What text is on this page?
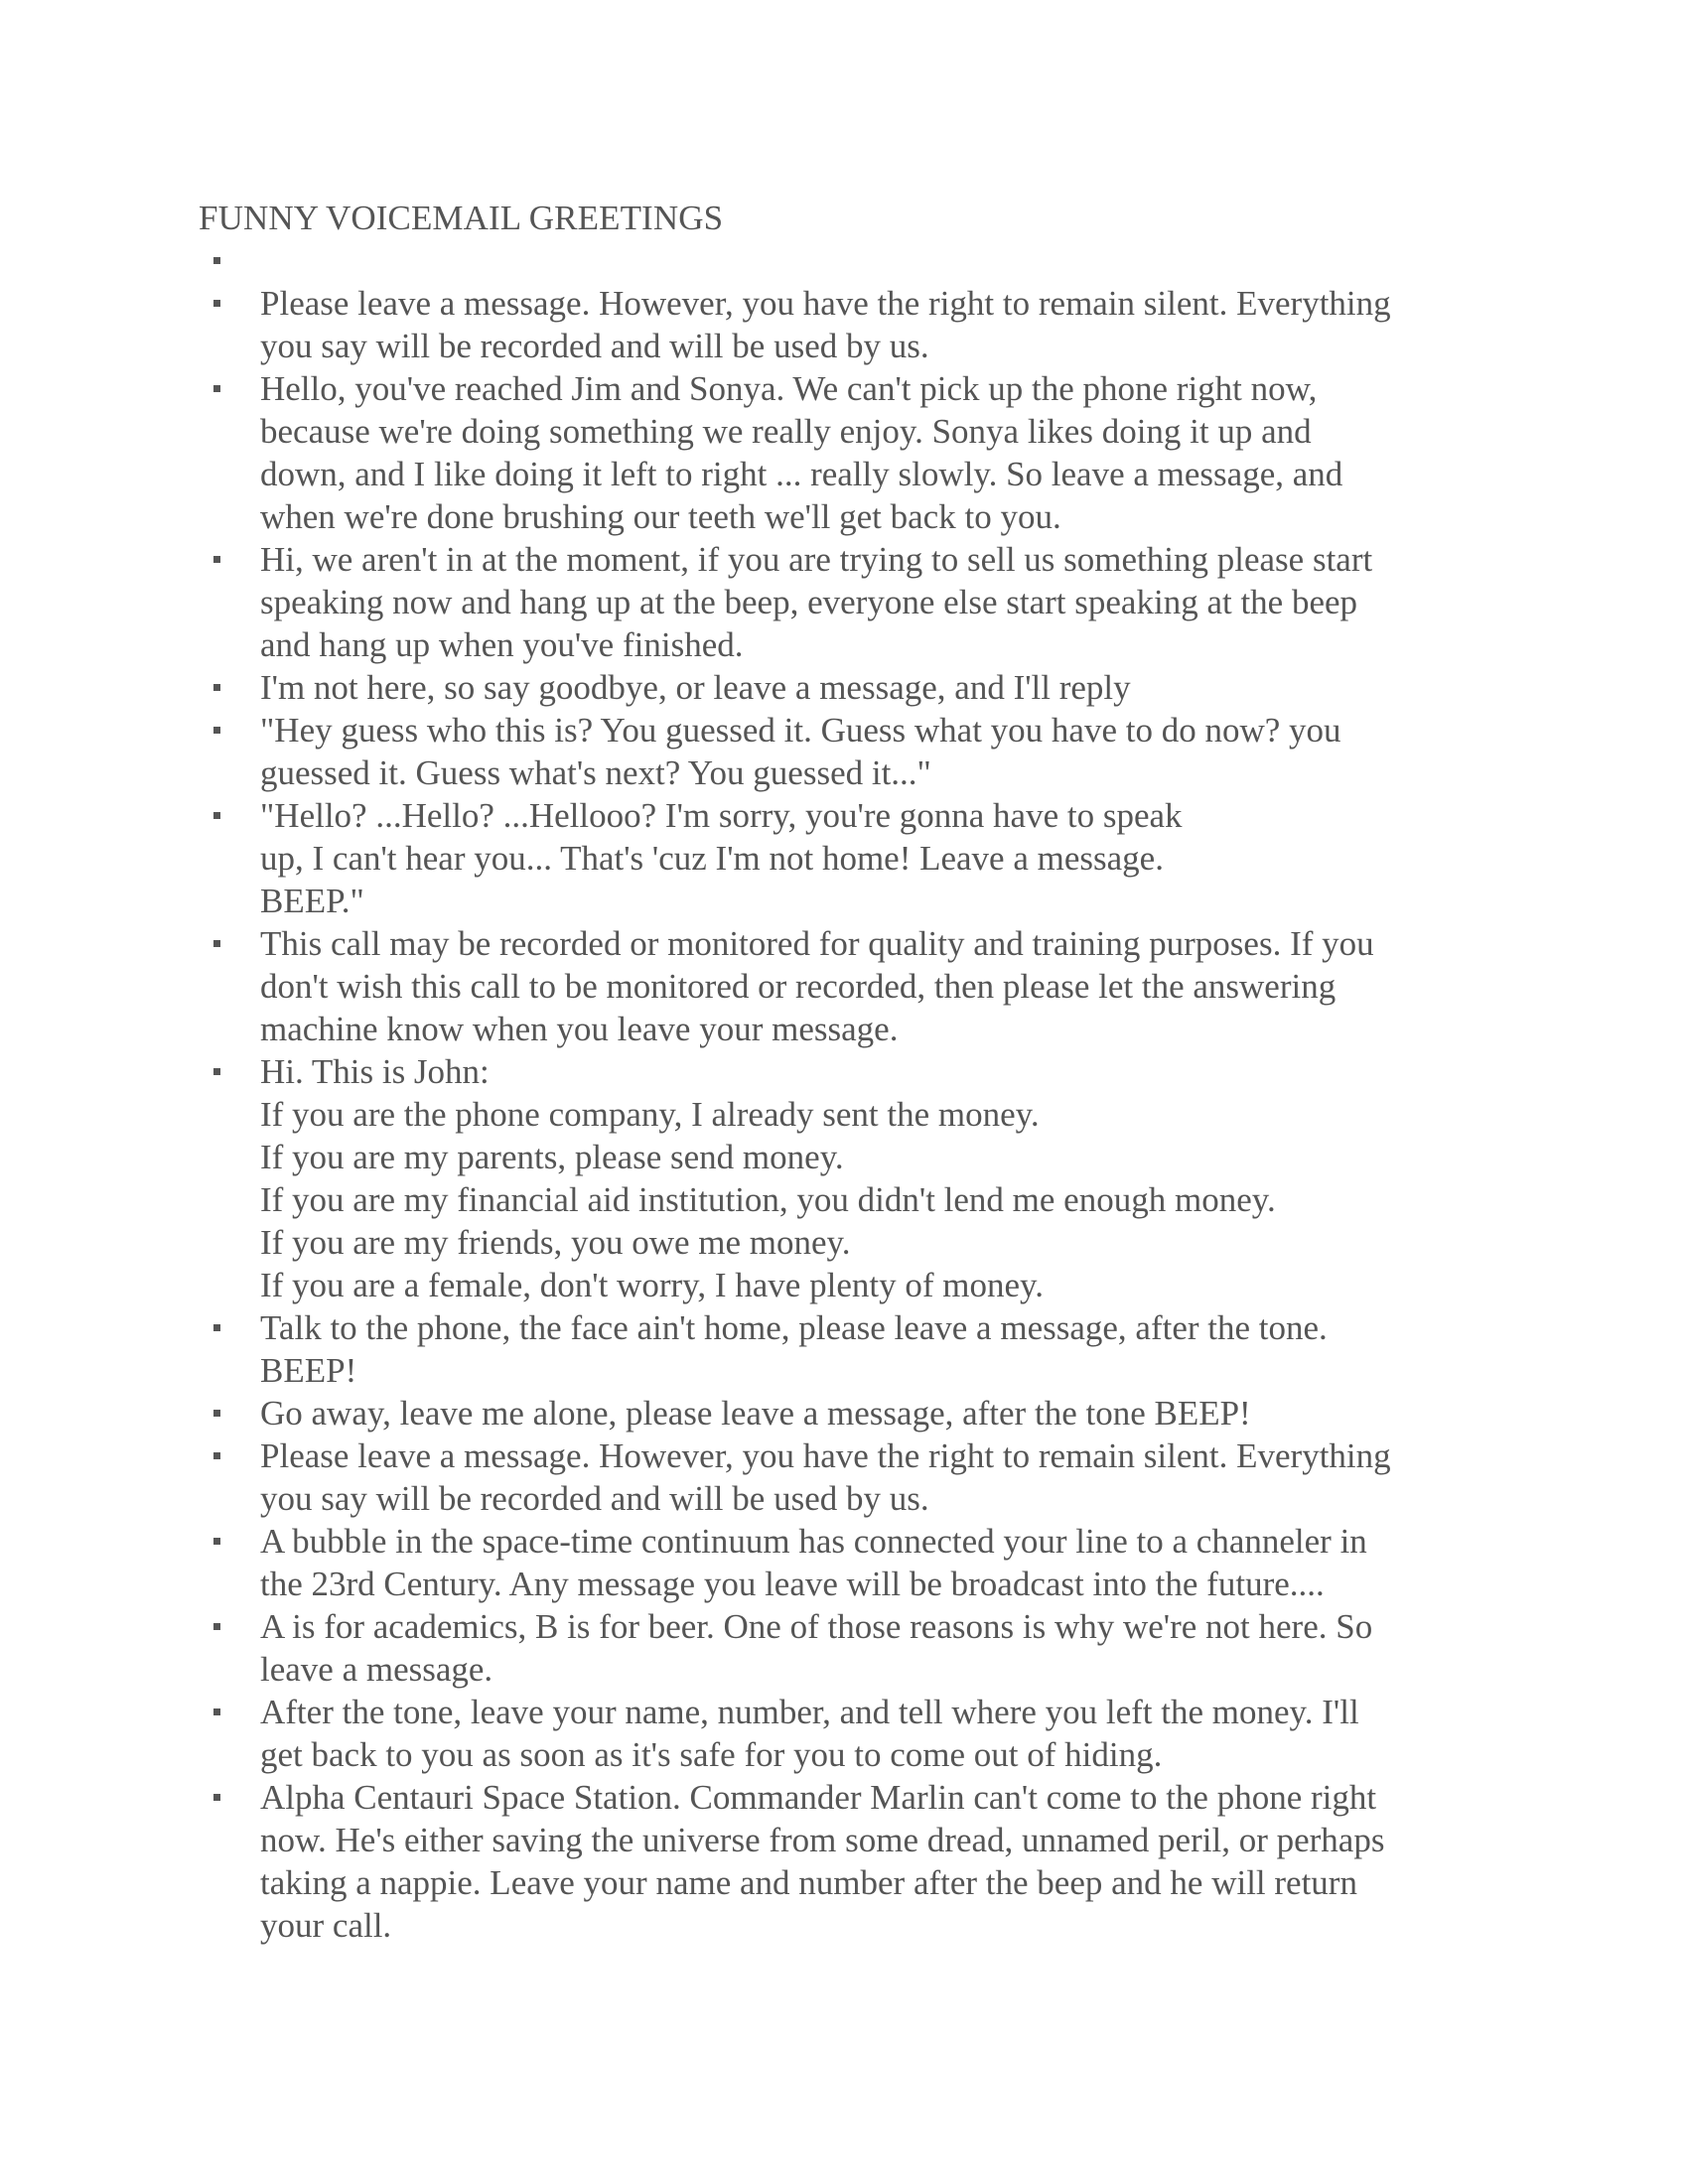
FUNNY VOICEMAIL GREETINGS
Please leave a message. However, you have the right to remain silent. Everything
you say will be recorded and will be used by us.
Hello, you've reached Jim and Sonya. We can't pick up the phone right now,
because we're doing something we really enjoy. Sonya likes doing it up and
down, and I like doing it left to right ... really slowly. So leave a message, and
when we're done brushing our teeth we'll get back to you.
Hi, we aren't in at the moment, if you are trying to sell us something please start
speaking now and hang up at the beep, everyone else start speaking at the beep
and hang up when you've finished.
I'm not here, so say goodbye, or leave a message, and I'll reply
"Hey guess who this is? You guessed it. Guess what you have to do now? you
guessed it. Guess what's next? You guessed it..."
"Hello? ...Hello? ...Hellooo? I'm sorry, you're gonna have to speak
up, I can't hear you... That's 'cuz I'm not home! Leave a message.
BEEP."
This call may be recorded or monitored for quality and training purposes. If you
don't wish this call to be monitored or recorded, then please let the answering
machine know when you leave your message.
Hi. This is John:
If you are the phone company, I already sent the money.
If you are my parents, please send money.
If you are my financial aid institution, you didn't lend me enough money.
If you are my friends, you owe me money.
If you are a female, don't worry, I have plenty of money.
Talk to the phone, the face ain't home, please leave a message, after the tone.
BEEP!
Go away, leave me alone, please leave a message, after the tone BEEP!
Please leave a message. However, you have the right to remain silent. Everything
you say will be recorded and will be used by us.
A bubble in the space-time continuum has connected your line to a channeler in
the 23rd Century. Any message you leave will be broadcast into the future....
A is for academics, B is for beer. One of those reasons is why we're not here. So
leave a message.
After the tone, leave your name, number, and tell where you left the money. I'll
get back to you as soon as it's safe for you to come out of hiding.
Alpha Centauri Space Station. Commander Marlin can't come to the phone right
now. He's either saving the universe from some dread, unnamed peril, or perhaps
taking a nappie. Leave your name and number after the beep and he will return
your call.
